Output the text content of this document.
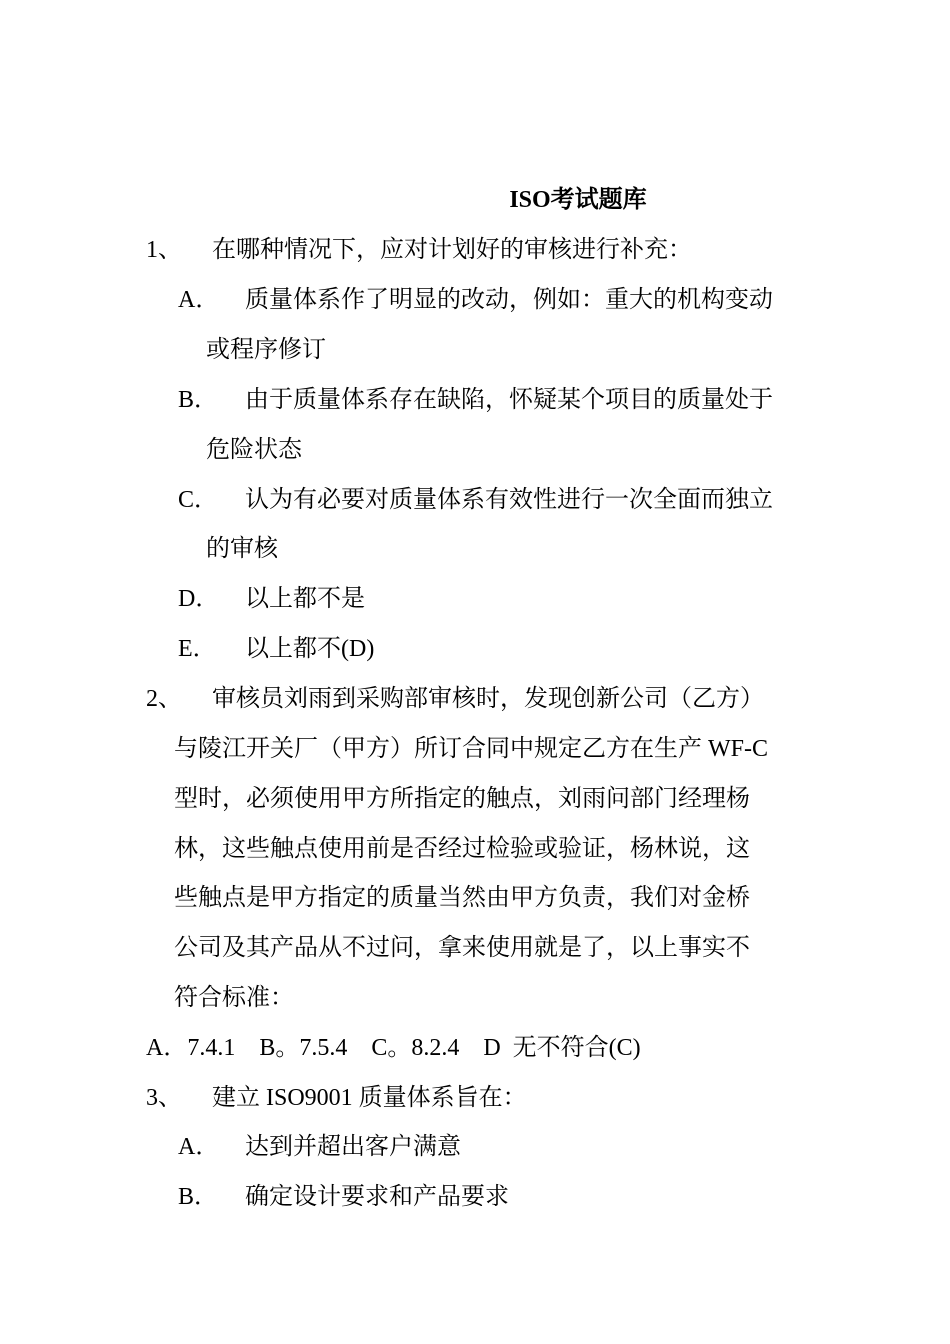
ISO考试题库
1、 在哪种情况下，应对计划好的审核进行补充：
A． 质量体系作了明显的改动，例如：重大的机构变动
或程序修订
B． 由于质量体系存在缺陷，怀疑某个项目的质量处于
危险状态
C． 认为有必要对质量体系有效性进行一次全面而独立
的审核
D． 以上都不是
E． 以上都不(D)
2、 审核员刘雨到采购部审核时，发现创新公司（乙方）
与陵江开关厂（甲方）所订合同中规定乙方在生产 WF-C
型时，必须使用甲方所指定的触点，刘雨问部门经理杨
林，这些触点使用前是否经过检验或验证，杨林说，这
些触点是甲方指定的质量当然由甲方负责，我们对金桥
公司及其产品从不过问，拿来使用就是了，以上事实不
符合标准：
A．7.4.1　B。7.5.4　C。8.2.4　D  无不符合(C)
3、 建立 ISO9001 质量体系旨在：
A． 达到并超出客户满意
B． 确定设计要求和产品要求
